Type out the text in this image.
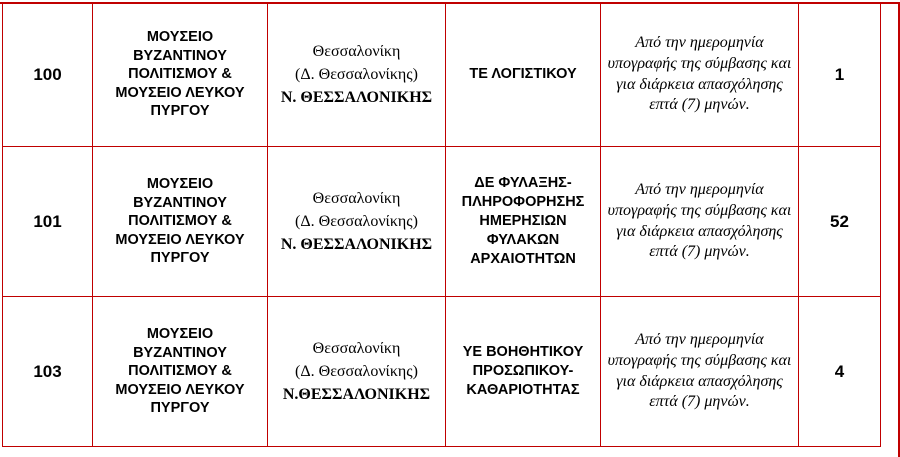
100	ΜΟΥΣΕΙΟ ΒΥΖΑΝΤΙΝΟΥ ΠΟΛΙΤΙΣΜΟΥ & ΜΟΥΣΕΙΟ ΛΕΥΚΟΥ ΠΥΡΓΟΥ	Θεσσαλονίκη
(Δ. Θεσσαλονίκης)
Ν. ΘΕΣΣΑΛΟΝΙΚΗΣ	ΤΕ ΛΟΓΙΣΤΙΚΟΥ	Από την ημερομηνία υπογραφής της σύμβασης και για διάρκεια απασχόλησης επτά (7) μηνών.	1
101	ΜΟΥΣΕΙΟ ΒΥΖΑΝΤΙΝΟΥ ΠΟΛΙΤΙΣΜΟΥ & ΜΟΥΣΕΙΟ ΛΕΥΚΟΥ ΠΥΡΓΟΥ	Θεσσαλονίκη
(Δ. Θεσσαλονίκης)
Ν. ΘΕΣΣΑΛΟΝΙΚΗΣ	ΔΕ ΦΥΛΑΞΗΣ-ΠΛΗΡΟΦΟΡΗΣΗΣ ΗΜΕΡΗΣΙΩΝ ΦΥΛΑΚΩΝ ΑΡΧΑΙΟΤΗΤΩΝ	Από την ημερομηνία υπογραφής της σύμβασης και για διάρκεια απασχόλησης επτά (7) μηνών.	52
103	ΜΟΥΣΕΙΟ ΒΥΖΑΝΤΙΝΟΥ ΠΟΛΙΤΙΣΜΟΥ & ΜΟΥΣΕΙΟ ΛΕΥΚΟΥ ΠΥΡΓΟΥ	Θεσσαλονίκη
(Δ. Θεσσαλονίκης)
Ν.ΘΕΣΣΑΛΟΝΙΚΗΣ	ΥΕ ΒΟΗΘΗΤΙΚΟΥ ΠΡΟΣΩΠΙΚΟΥ-ΚΑΘΑΡΙΟΤΗΤΑΣ	Από την ημερομηνία υπογραφής της σύμβασης και για διάρκεια απασχόλησης επτά (7) μηνών.	4
